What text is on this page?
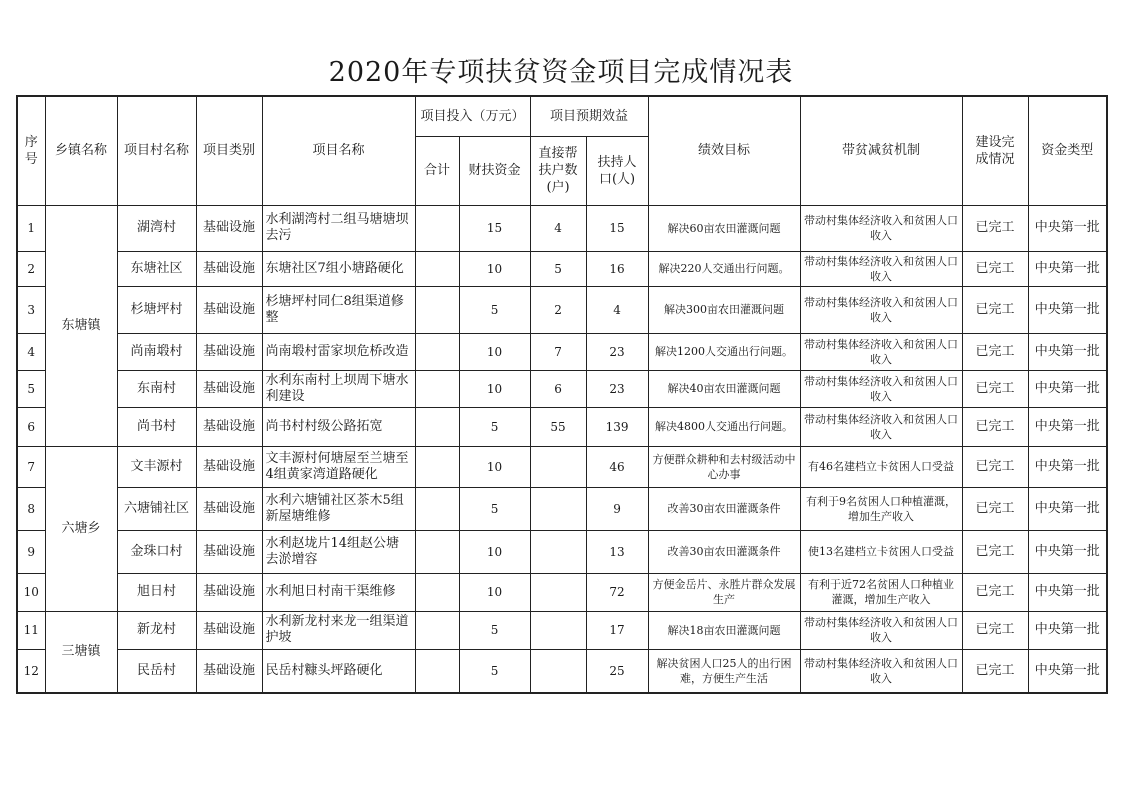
2020年专项扶贫资金项目完成情况表
序号	乡镇名称	项目村名称	项目类别	项目名称	项目投入（万元）		项目预期效益		绩效目标	带贫减贫机制	建设完成情况	资金类型
					合计	财扶资金	直接帮扶户数(户)	扶持人口(人)				
1	东塘镇	湖湾村	基础设施	水利湖湾村二组马塘塘坝去污		15	4	15	解决60亩农田灌溉问题	带动村集体经济收入和贫困人口收入	已完工	中央第一批
2		东塘社区	基础设施	东塘社区7组小塘路硬化		10	5	16	解决220人交通出行问题。	带动村集体经济收入和贫困人口收入	已完工	中央第一批
3		杉塘坪村	基础设施	杉塘坪村同仁8组渠道修整		5	2	4	解决300亩农田灌溉问题	带动村集体经济收入和贫困人口收入	已完工	中央第一批
4		尚南塅村	基础设施	尚南塅村雷家坝危桥改造		10	7	23	解决1200人交通出行问题。	带动村集体经济收入和贫困人口收入	已完工	中央第一批
5		东南村	基础设施	水利东南村上坝周下塘水利建设		10	6	23	解决40亩农田灌溉问题	带动村集体经济收入和贫困人口收入	已完工	中央第一批
6		尚书村	基础设施	尚书村村级公路拓宽		5	55	139	解决4800人交通出行问题。	带动村集体经济收入和贫困人口收入	已完工	中央第一批
7	六塘乡	文丰源村	基础设施	文丰源村何塘屋至兰塘至4组黄家湾道路硬化		10		46	方便群众耕种和去村级活动中心办事	有46名建档立卡贫困人口受益	已完工	中央第一批
8		六塘铺社区	基础设施	水利六塘铺社区茶木5组新屋塘维修		5		9	改善30亩农田灌溉条件	有利于9名贫困人口种植灌溉，增加生产收入	已完工	中央第一批
9		金珠口村	基础设施	水利赵垅片14组赵公塘去淤增容		10		13	改善30亩农田灌溉条件	使13名建档立卡贫困人口受益	已完工	中央第一批
10		旭日村	基础设施	水利旭日村南干渠维修		10		72	方便金岳片、永胜片群众发展生产	有利于近72名贫困人口种植业灌溉，增加生产收入	已完工	中央第一批
11	三塘镇	新龙村	基础设施	水利新龙村来龙一组渠道护坡		5		17	解决18亩农田灌溉问题	带动村集体经济收入和贫困人口收入	已完工	中央第一批
12		民岳村	基础设施	民岳村糠头坪路硬化		5		25	解决贫困人口25人的出行困难，方便生产生活	带动村集体经济收入和贫困人口收入	已完工	中央第一批
